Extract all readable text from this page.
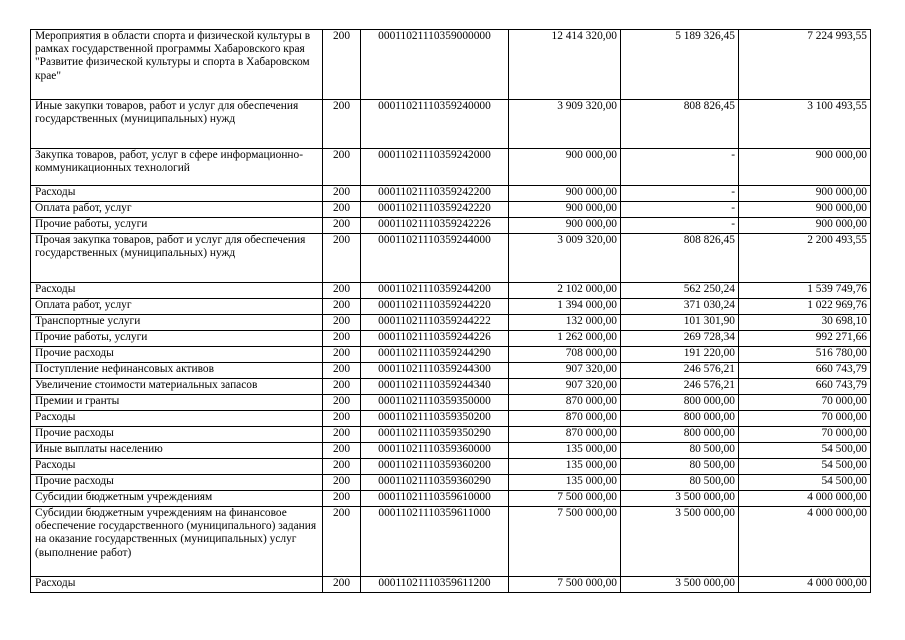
Мероприятия в области спорта и физической культуры в рамках государственной программы Хабаровского края "Развитие физической культуры и спорта в Хабаровском крае"	200	00011021110359000000	12 414 320,00	5 189 326,45	7 224 993,55
Иные закупки товаров, работ и услуг для обеспечения государственных (муниципальных) нужд	200	00011021110359240000	3 909 320,00	808 826,45	3 100 493,55
Закупка товаров, работ, услуг в сфере информационно-коммуникационных технологий	200	00011021110359242000	900 000,00	-	900 000,00
Расходы	200	00011021110359242200	900 000,00	-	900 000,00
Оплата работ, услуг	200	00011021110359242220	900 000,00	-	900 000,00
Прочие работы, услуги	200	00011021110359242226	900 000,00	-	900 000,00
Прочая закупка товаров, работ и услуг для обеспечения государственных (муниципальных) нужд	200	00011021110359244000	3 009 320,00	808 826,45	2 200 493,55
Расходы	200	00011021110359244200	2 102 000,00	562 250,24	1 539 749,76
Оплата работ, услуг	200	00011021110359244220	1 394 000,00	371 030,24	1 022 969,76
Транспортные услуги	200	00011021110359244222	132 000,00	101 301,90	30 698,10
Прочие работы, услуги	200	00011021110359244226	1 262 000,00	269 728,34	992 271,66
Прочие расходы	200	00011021110359244290	708 000,00	191 220,00	516 780,00
Поступление нефинансовых активов	200	00011021110359244300	907 320,00	246 576,21	660 743,79
Увеличение стоимости материальных запасов	200	00011021110359244340	907 320,00	246 576,21	660 743,79
Премии и гранты	200	00011021110359350000	870 000,00	800 000,00	70 000,00
Расходы	200	00011021110359350200	870 000,00	800 000,00	70 000,00
Прочие расходы	200	00011021110359350290	870 000,00	800 000,00	70 000,00
Иные выплаты населению	200	00011021110359360000	135 000,00	80 500,00	54 500,00
Расходы	200	00011021110359360200	135 000,00	80 500,00	54 500,00
Прочие расходы	200	00011021110359360290	135 000,00	80 500,00	54 500,00
Субсидии бюджетным учреждениям	200	00011021110359610000	7 500 000,00	3 500 000,00	4 000 000,00
Субсидии бюджетным учреждениям на финансовое обеспечение государственного (муниципального) задания на оказание государственных (муниципальных) услуг (выполнение работ)	200	00011021110359611000	7 500 000,00	3 500 000,00	4 000 000,00
Расходы	200	00011021110359611200	7 500 000,00	3 500 000,00	4 000 000,00
